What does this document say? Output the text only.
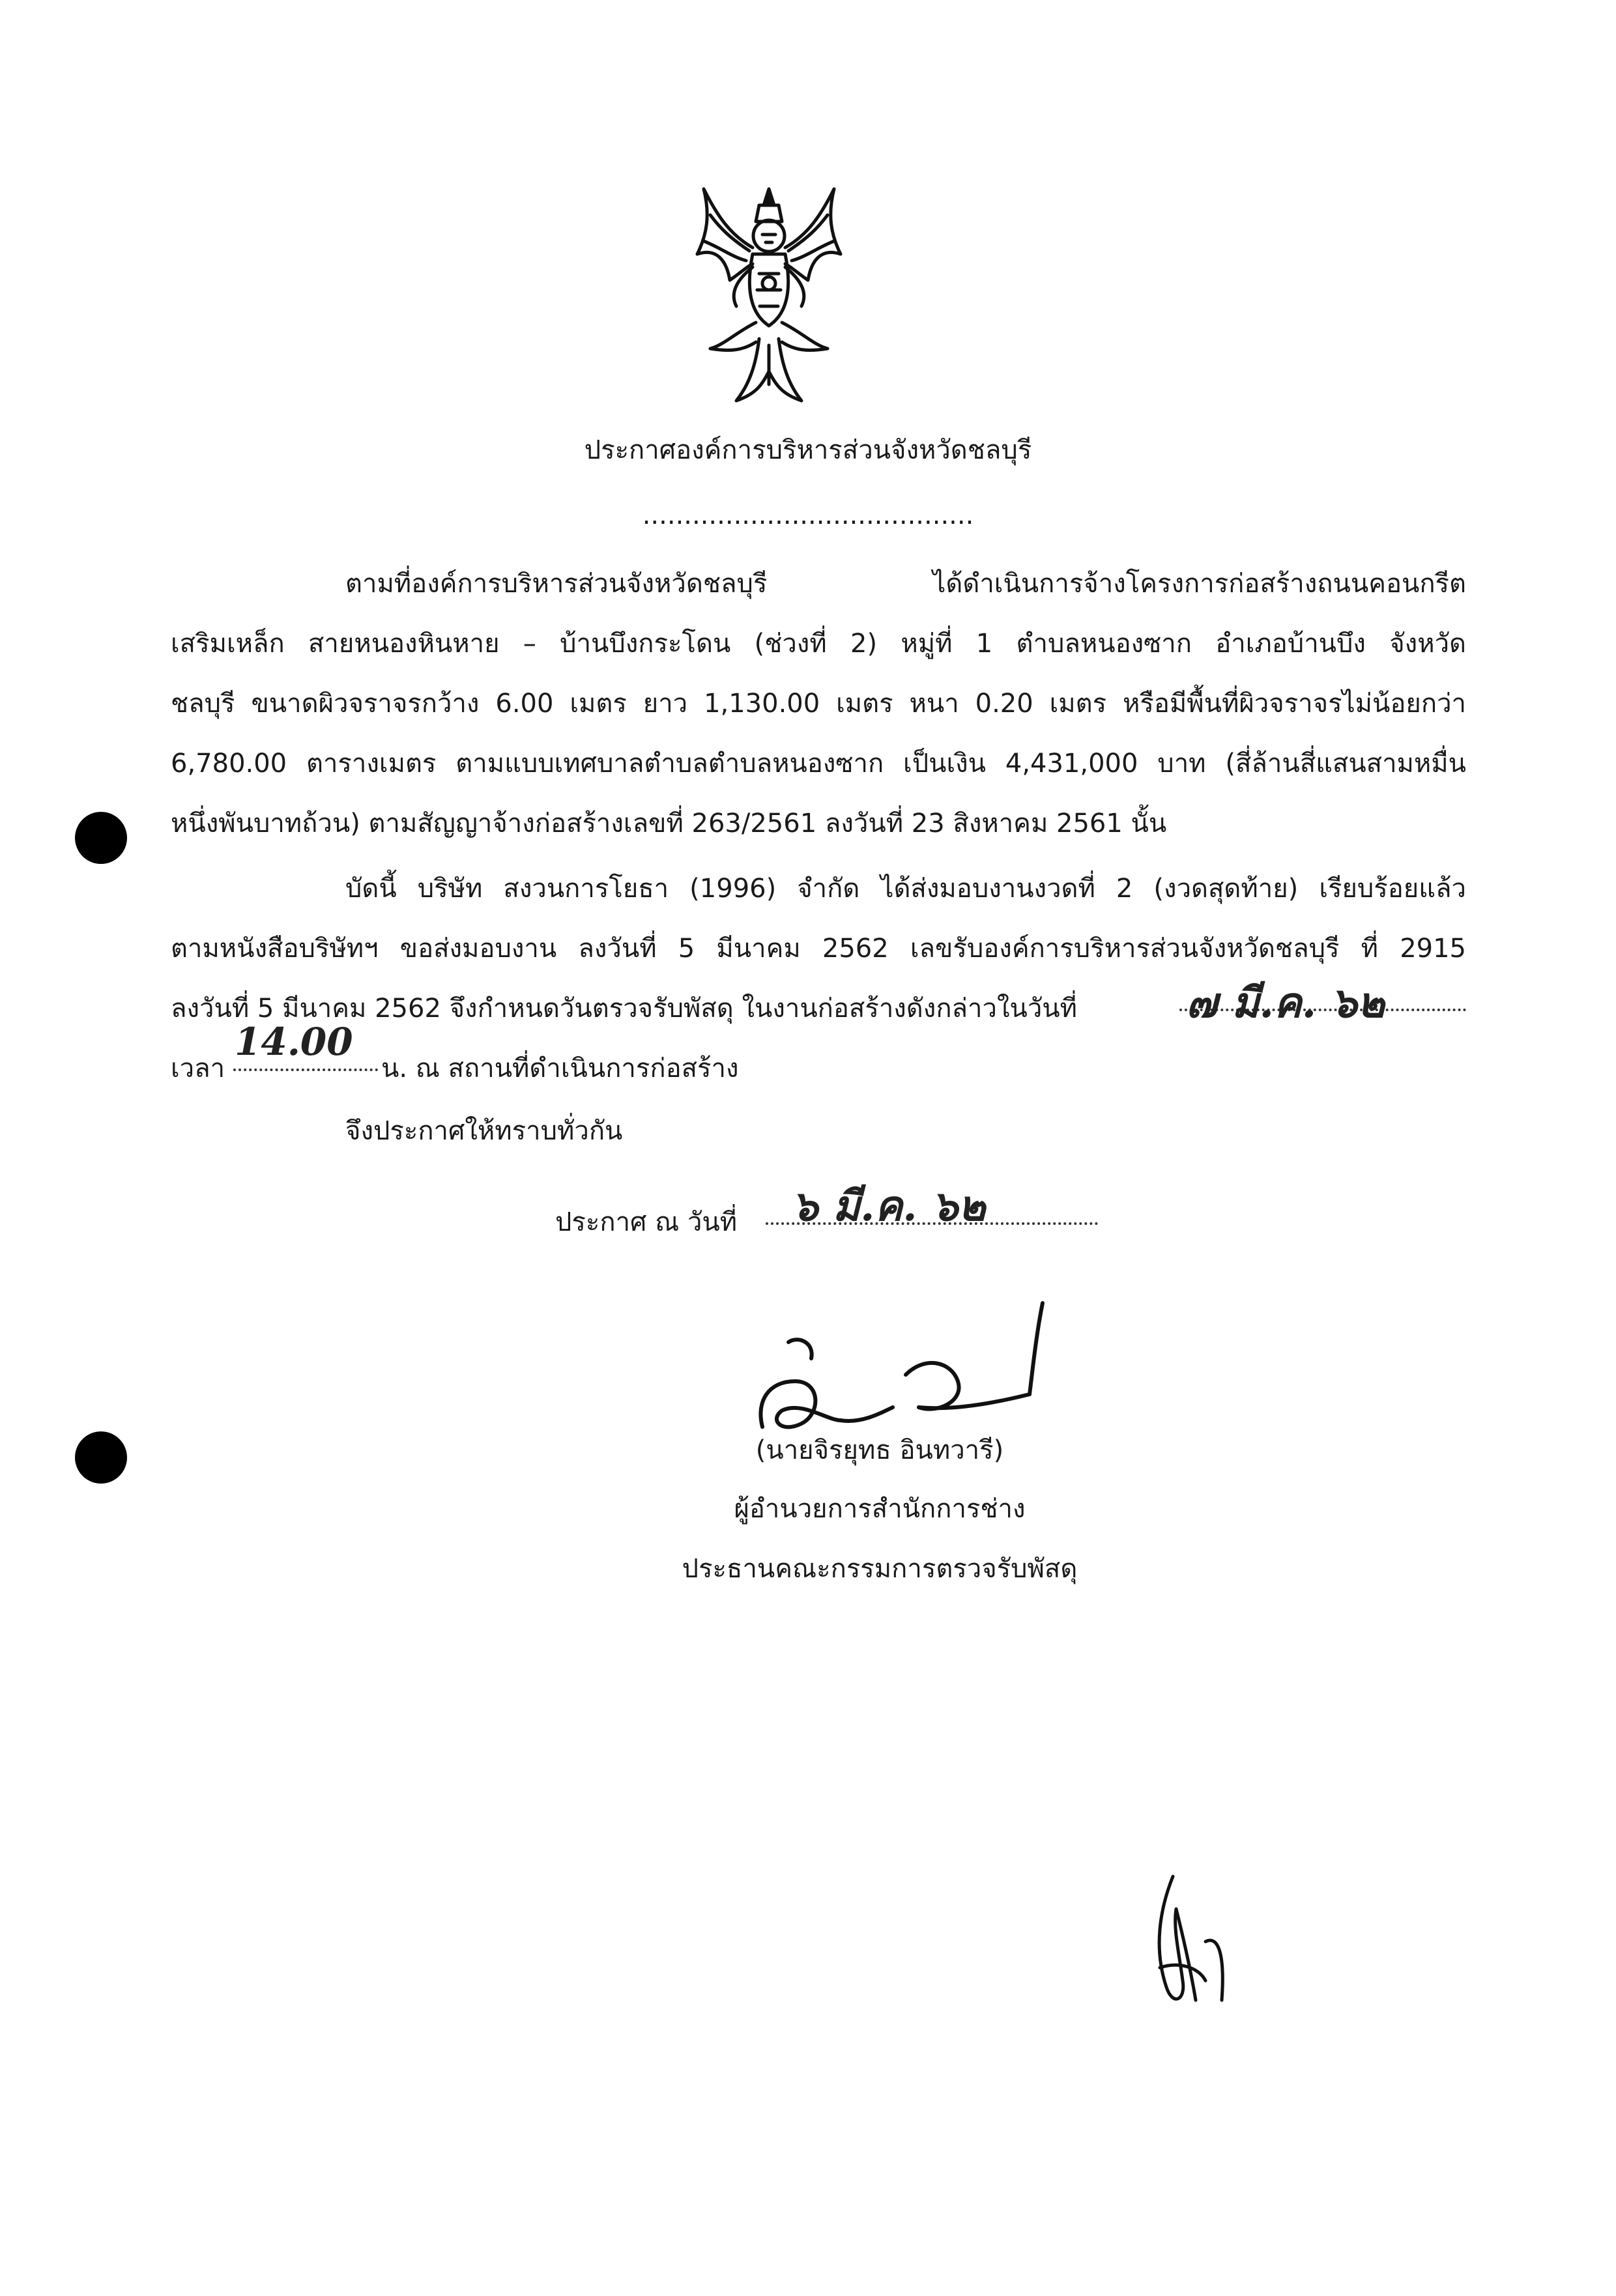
ประกาศองค์การบริหารส่วนจังหวัดชลบุรี
........................................
ตามที่องค์การบริหารส่วนจังหวัดชลบุรี ได้ดำเนินการจ้างโครงการก่อสร้างถนนคอนกรีต
เสริมเหล็ก สายหนองหินหาย – บ้านบึงกระโดน (ช่วงที่ 2) หมู่ที่ 1 ตำบลหนองซาก อำเภอบ้านบึง จังหวัด
ชลบุรี ขนาดผิวจราจรกว้าง 6.00 เมตร ยาว 1,130.00 เมตร หนา 0.20 เมตร หรือมีพื้นที่ผิวจราจรไม่น้อยกว่า
6,780.00 ตารางเมตร ตามแบบเทศบาลตำบลตำบลหนองซาก เป็นเงิน 4,431,000 บาท (สี่ล้านสี่แสนสามหมื่น
หนึ่งพันบาทถ้วน) ตามสัญญาจ้างก่อสร้างเลขที่ 263/2561 ลงวันที่ 23 สิงหาคม 2561 นั้น
บัดนี้ บริษัท สงวนการโยธา (1996) จำกัด ได้ส่งมอบงานงวดที่ 2 (งวดสุดท้าย) เรียบร้อยแล้ว
ตามหนังสือบริษัทฯ ขอส่งมอบงาน ลงวันที่ 5 มีนาคม 2562 เลขรับองค์การบริหารส่วนจังหวัดชลบุรี ที่ 2915
ลงวันที่ 5 มีนาคม 2562 จึงกำหนดวันตรวจรับพัสดุ ในงานก่อสร้างดังกล่าวในวันที่	๗ มี.ค. ๖๒
เวลา
14.00
น. ณ สถานที่ดำเนินการก่อสร้าง
จึงประกาศให้ทราบทั่วกัน
ประกาศ ณ วันที่ ๖ มี.ค. ๖๒
(นายจิรยุทธ อินทวารี)
ผู้อำนวยการสำนักการช่าง
ประธานคณะกรรมการตรวจรับพัสดุ
